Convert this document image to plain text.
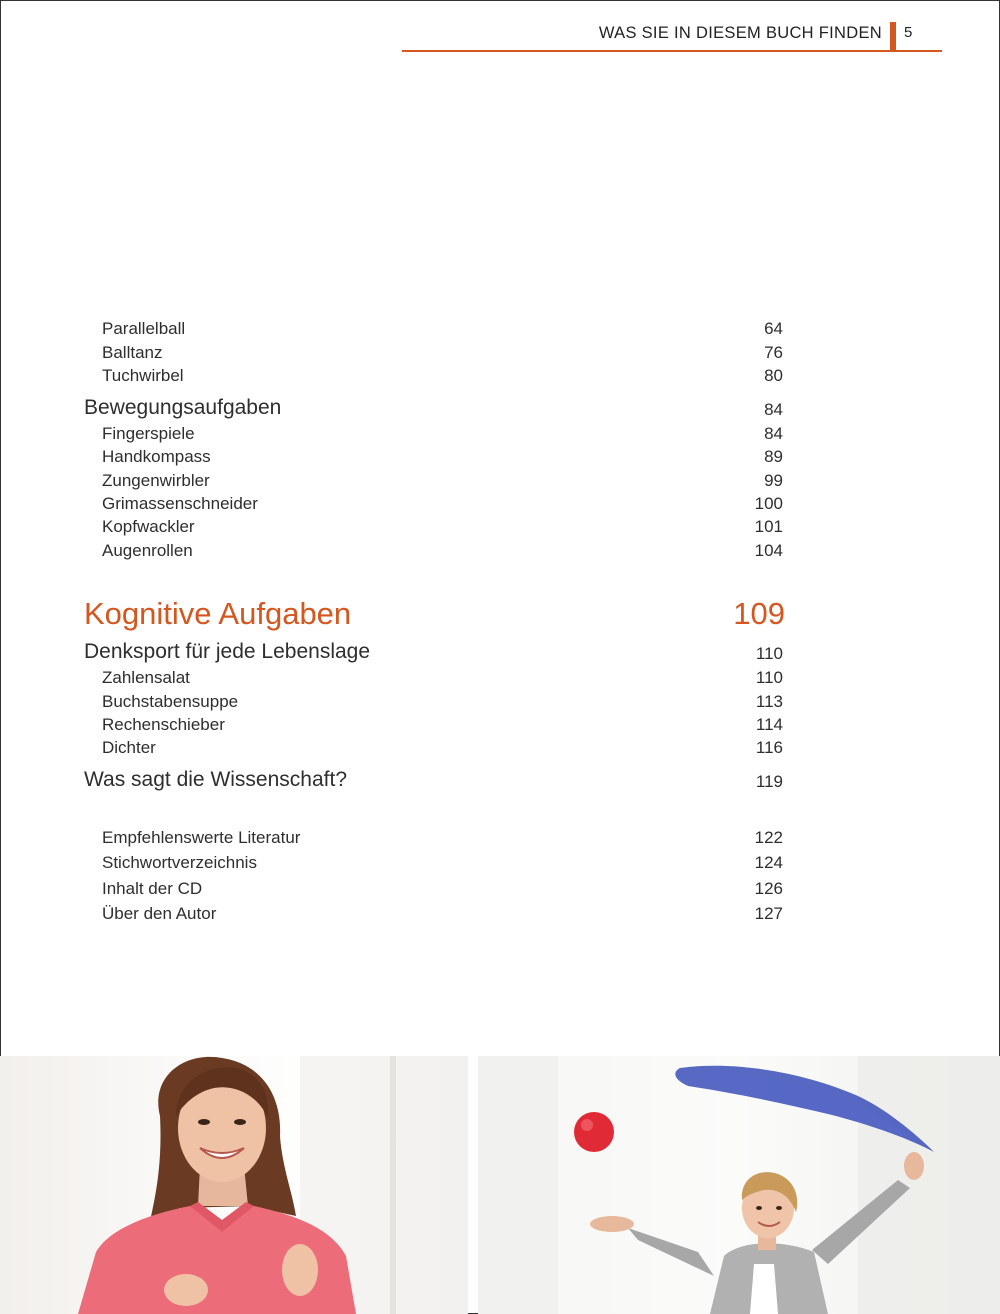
WAS SIE IN DIESEM BUCH FINDEN 5
Parallelball	64
Balltanz	76
Tuchwirbel	80
Bewegungsaufgaben	84
Fingerspiele	84
Handkompass	89
Zungenwirbler	99
Grimassenschneider	100
Kopfwackler	101
Augenrollen	104
Kognitive Aufgaben	109
Denksport für jede Lebenslage	110
Zahlensalat	110
Buchstabensuppe	113
Rechenschieber	114
Dichter	116
Was sagt die Wissenschaft?	119
Empfehlenswerte Literatur	122
Stichwortverzeichnis	124
Inhalt der CD	126
Über den Autor	127
